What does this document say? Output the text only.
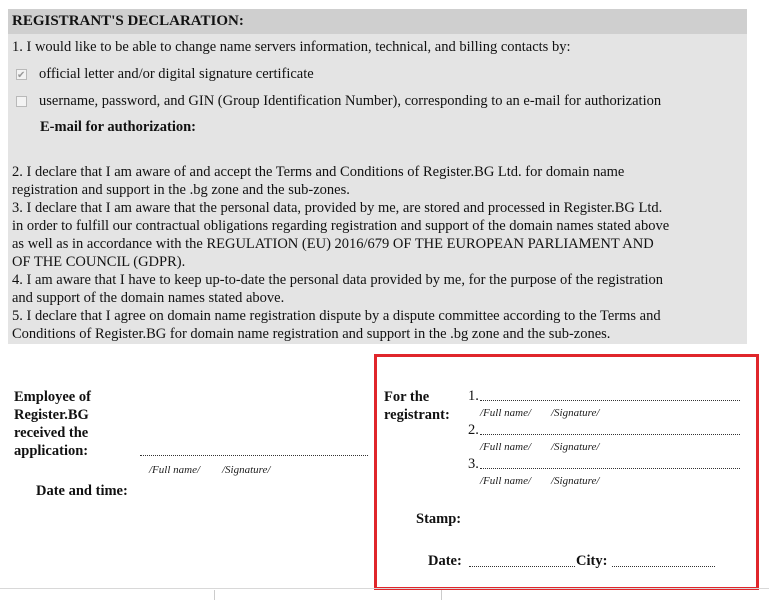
REGISTRANT'S DECLARATION:

1. I would like to be able to change name servers information, technical, and billing contacts by:

✔
official letter and/or digital signature certificate
username, password, and GIN (Group Identification Number), corresponding to an e-mail for authorization
E-mail for authorization:

2. I declare that I am aware of and accept the Terms and Conditions of Register.BG Ltd. for domain name

registration and support in the .bg zone and the sub-zones.

3. I declare that I am aware that the personal data, provided by me, are stored and processed in Register.BG Ltd.

in order to fulfill our contractual obligations regarding registration and support of the domain names stated above

as well as in accordance with the REGULATION (EU) 2016/679 OF THE EUROPEAN PARLIAMENT AND

OF THE COUNCIL (GDPR).

4. I am aware that I have to keep up-to-date the personal data provided by me, for the purpose of the registration

and support of the domain names stated above.

5. I declare that I agree on domain name registration dispute by a dispute committee according to the Terms and

Conditions of Register.BG for domain name registration and support in the .bg zone and the sub-zones.

Employee of
Register.BG
received the
application:
/Full name/ /Signature/
Date and time:
For the
registrant:
1.
/Full name/ /Signature/
2.
/Full name/ /Signature/
3.
/Full name/ /Signature/
Stamp:
Date:	City:
